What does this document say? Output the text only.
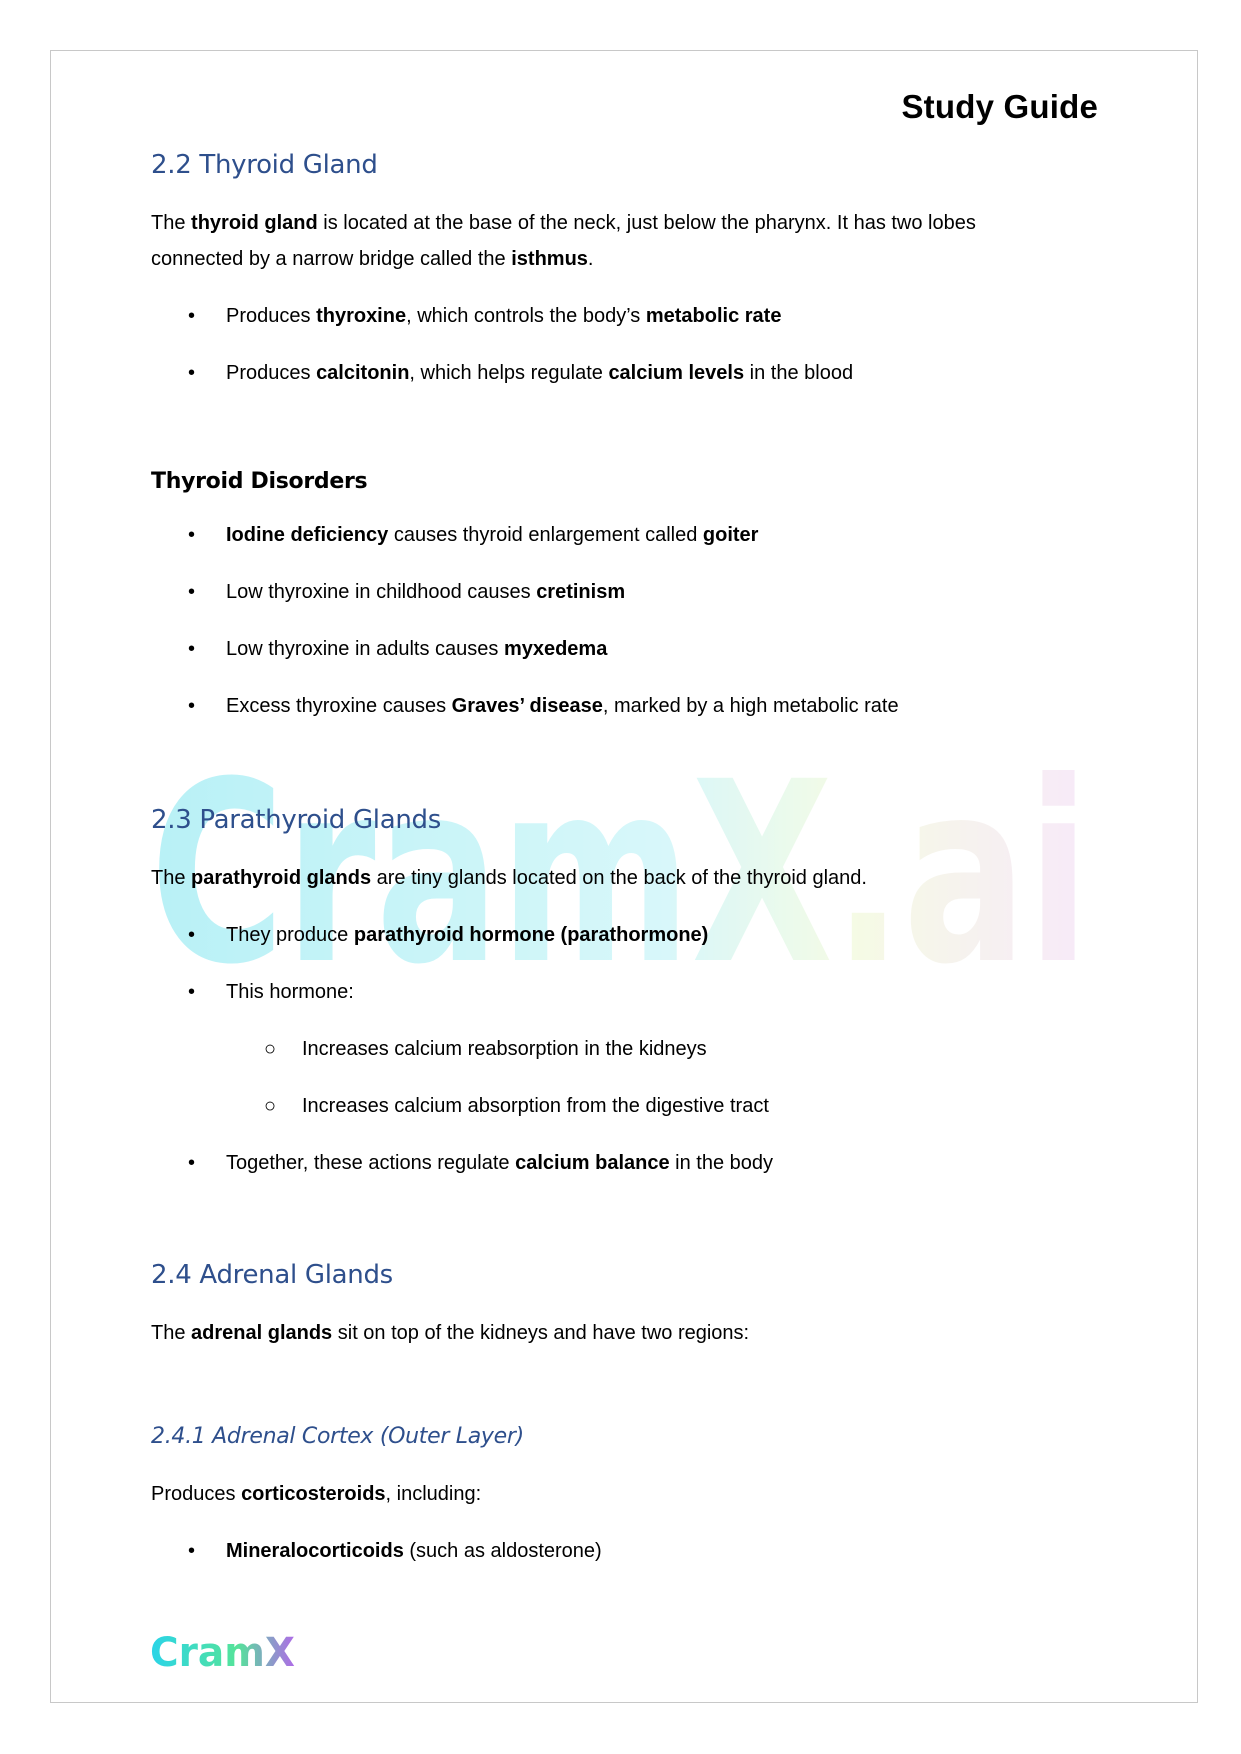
CramX.ai
Study Guide
2.2 Thyroid Gland
The thyroid gland is located at the base of the neck, just below the pharynx. It has two lobes
connected by a narrow bridge called the isthmus.
• Produces thyroxine, which controls the body’s metabolic rate
• Produces calcitonin, which helps regulate calcium levels in the blood
Thyroid Disorders
• Iodine deficiency causes thyroid enlargement called goiter
• Low thyroxine in childhood causes cretinism
• Low thyroxine in adults causes myxedema
• Excess thyroxine causes Graves’ disease, marked by a high metabolic rate
2.3 Parathyroid Glands
The parathyroid glands are tiny glands located on the back of the thyroid gland.
• They produce parathyroid hormone (parathormone)
• This hormone:
○ Increases calcium reabsorption in the kidneys
○ Increases calcium absorption from the digestive tract
• Together, these actions regulate calcium balance in the body
2.4 Adrenal Glands
The adrenal glands sit on top of the kidneys and have two regions:
2.4.1 Adrenal Cortex (Outer Layer)
Produces corticosteroids, including:
• Mineralocorticoids (such as aldosterone)
CramX
